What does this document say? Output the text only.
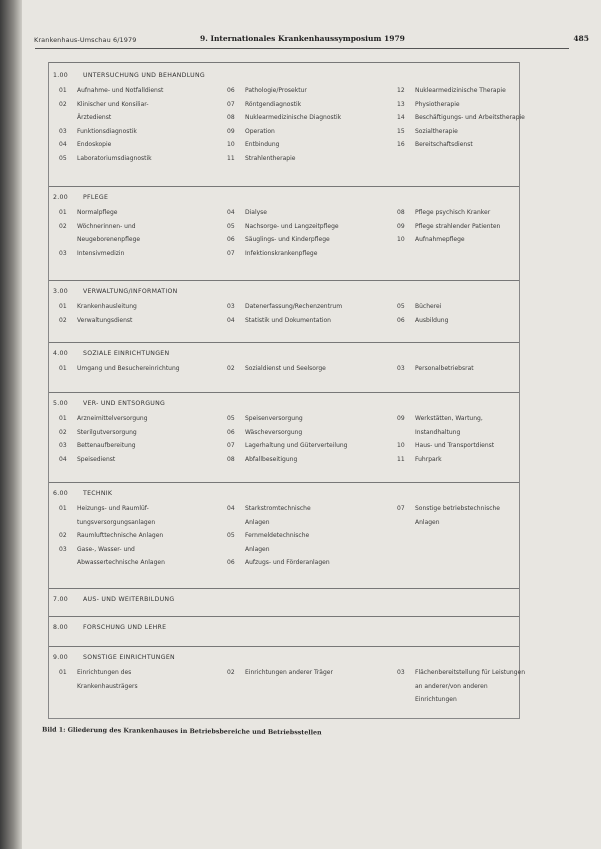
Krankenhaus-Umschau 6/1979	9. Internationales Krankenhaussymposium 1979	485
1.00	UNTERSUCHUNG UND BEHANDLUNG
01	Aufnahme- und Notfalldienst
02	Klinischer und Konsiliar-
Ärztedienst
03	Funktionsdiagnostik
04	Endoskopie
05	Laboratoriumsdiagnostik
06	Pathologie/Prosektur
07	Röntgendiagnostik
08	Nuklearmedizinische Diagnostik
09	Operation
10	Entbindung
11	Strahlentherapie
12	Nuklearmedizinische Therapie
13	Physiotherapie
14	Beschäftigungs- und Arbeitstherapie
15	Sozialtherapie
16	Bereitschaftsdienst
2.00	PFLEGE
01	Normalpflege
02	Wöchnerinnen- und
Neugeborenenpflege
03	Intensivmedizin
04	Dialyse
05	Nachsorge- und Langzeitpflege
06	Säuglings- und Kinderpflege
07	Infektionskrankenpflege
08	Pflege psychisch Kranker
09	Pflege strahlender Patienten
10	Aufnahmepflege
3.00	VERWALTUNG/INFORMATION
01	Krankenhausleitung
02	Verwaltungsdienst
03	Datenerfassung/Rechenzentrum
04	Statistik und Dokumentation
05	Bücherei
06	Ausbildung
4.00	SOZIALE EINRICHTUNGEN
01	Umgang und Besuchereinrichtung	02	Sozialdienst und Seelsorge	03	Personalbetriebsrat
5.00	VER- UND ENTSORGUNG
01	Arzneimittelversorgung
02	Sterilgutversorgung
03	Bettenaufbereitung
04	Speisedienst
05	Speisenversorgung
06	Wäscheversorgung
07	Lagerhaltung und Güterverteilung
08	Abfallbeseitigung
09	Werkstätten, Wartung,
Instandhaltung
10	Haus- und Transportdienst
11	Fuhrpark
6.00	TECHNIK
01	Heizungs- und Raumlüf-
tungsversorgungsanlagen
02	Raumlufttechnische Anlagen
03	Gase-, Wasser- und
Abwassertechnische Anlagen
04	Starkstromtechnische
Anlagen
05	Fernmeldetechnische
Anlagen
06	Aufzugs- und Förderanlagen
07	Sonstige betriebstechnische
Anlagen
7.00	AUS- UND WEITERBILDUNG
8.00	FORSCHUNG UND LEHRE
9.00	SONSTIGE EINRICHTUNGEN
01	Einrichtungen des
Krankenhausträgers
02	Einrichtungen anderer Träger	03	Flächenbereitstellung für Leistungen
an anderer/von anderen
Einrichtungen
Bild 1: Gliederung des Krankenhauses in Betriebsbereiche und Betriebsstellen
